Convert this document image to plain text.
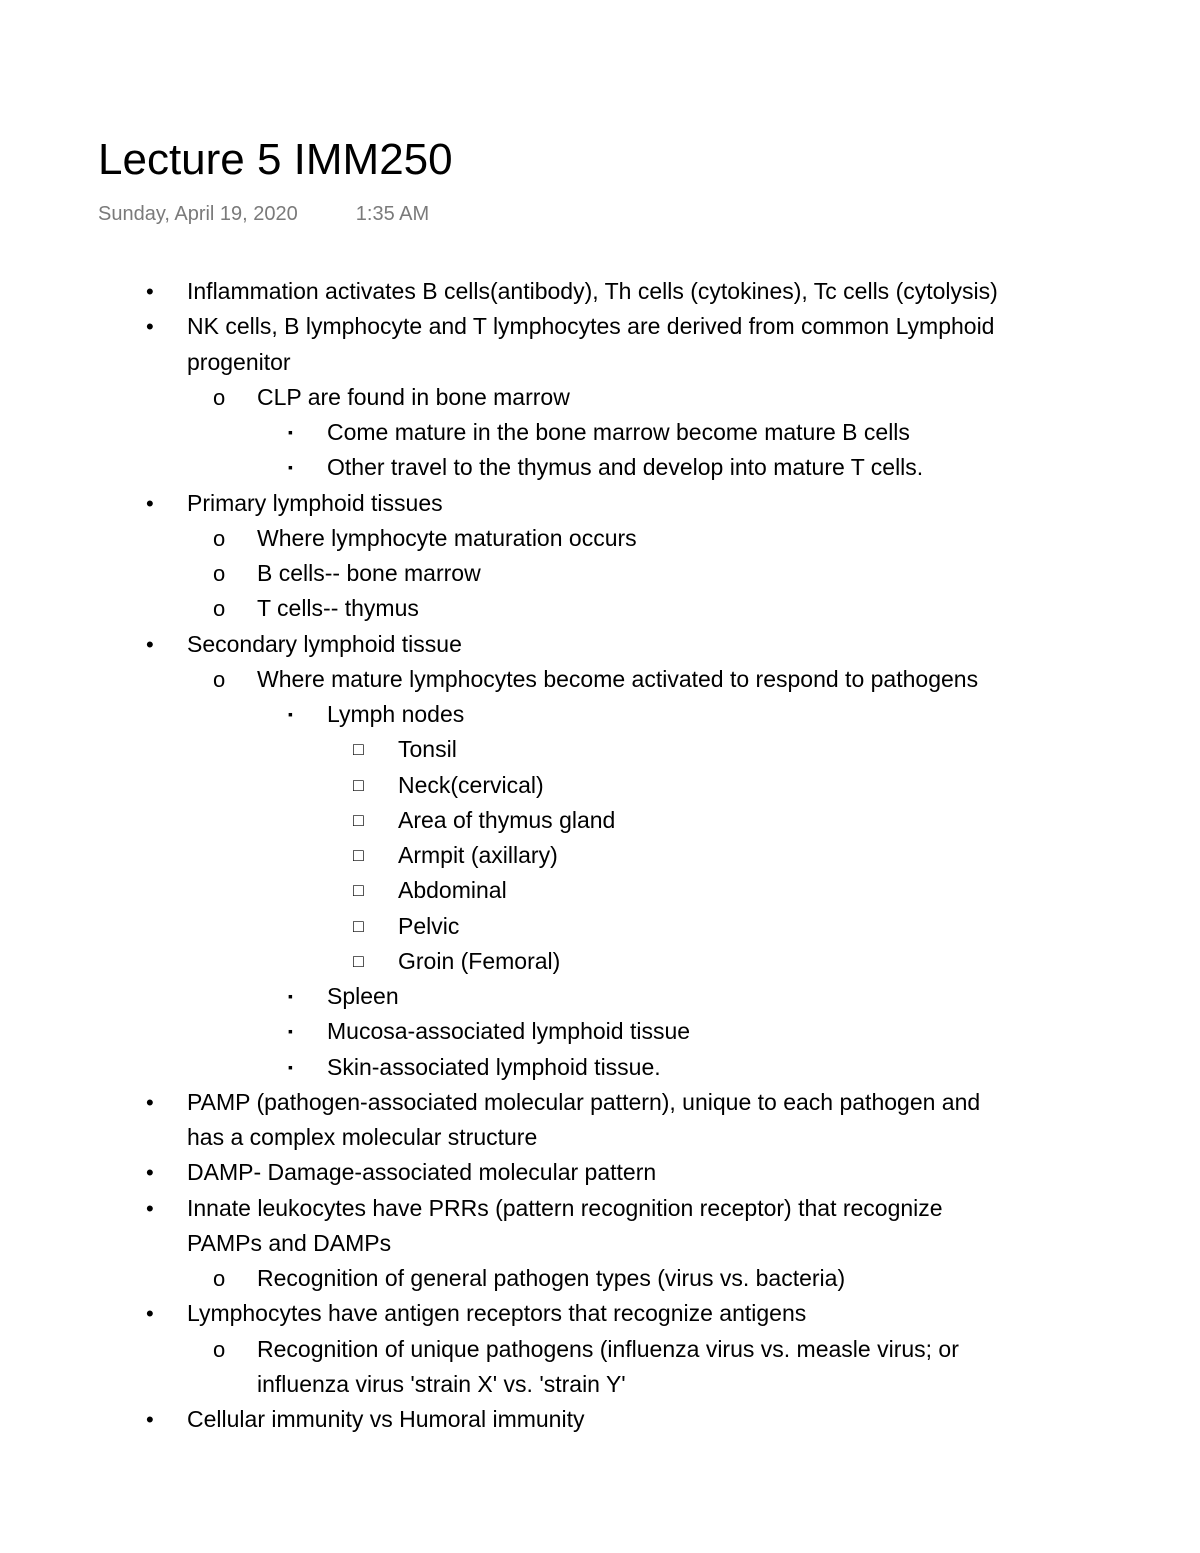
Lecture 5 IMM250
Sunday, April 19, 2020	1:35 AM
• Inflammation activates B cells(antibody), Th cells (cytokines), Tc cells (cytolysis)
• NK cells, B lymphocyte and T lymphocytes are derived from common Lymphoid
progenitor
o CLP are found in bone marrow
▪ Come mature in the bone marrow become mature B cells
▪ Other travel to the thymus and develop into mature T cells.
• Primary lymphoid tissues
o Where lymphocyte maturation occurs
o B cells-- bone marrow
o T cells-- thymus
• Secondary lymphoid tissue
o Where mature lymphocytes become activated to respond to pathogens
▪ Lymph nodes
□ Tonsil
□ Neck(cervical)
□ Area of thymus gland
□ Armpit (axillary)
□ Abdominal
□ Pelvic
□ Groin (Femoral)
▪ Spleen
▪ Mucosa-associated lymphoid tissue
▪ Skin-associated lymphoid tissue.
• PAMP (pathogen-associated molecular pattern), unique to each pathogen and
has a complex molecular structure
• DAMP- Damage-associated molecular pattern
• Innate leukocytes have PRRs (pattern recognition receptor) that recognize
PAMPs and DAMPs
o Recognition of general pathogen types (virus vs. bacteria)
• Lymphocytes have antigen receptors that recognize antigens
o Recognition of unique pathogens (influenza virus vs. measle virus; or
influenza virus 'strain X' vs. 'strain Y'
• Cellular immunity vs Humoral immunity
